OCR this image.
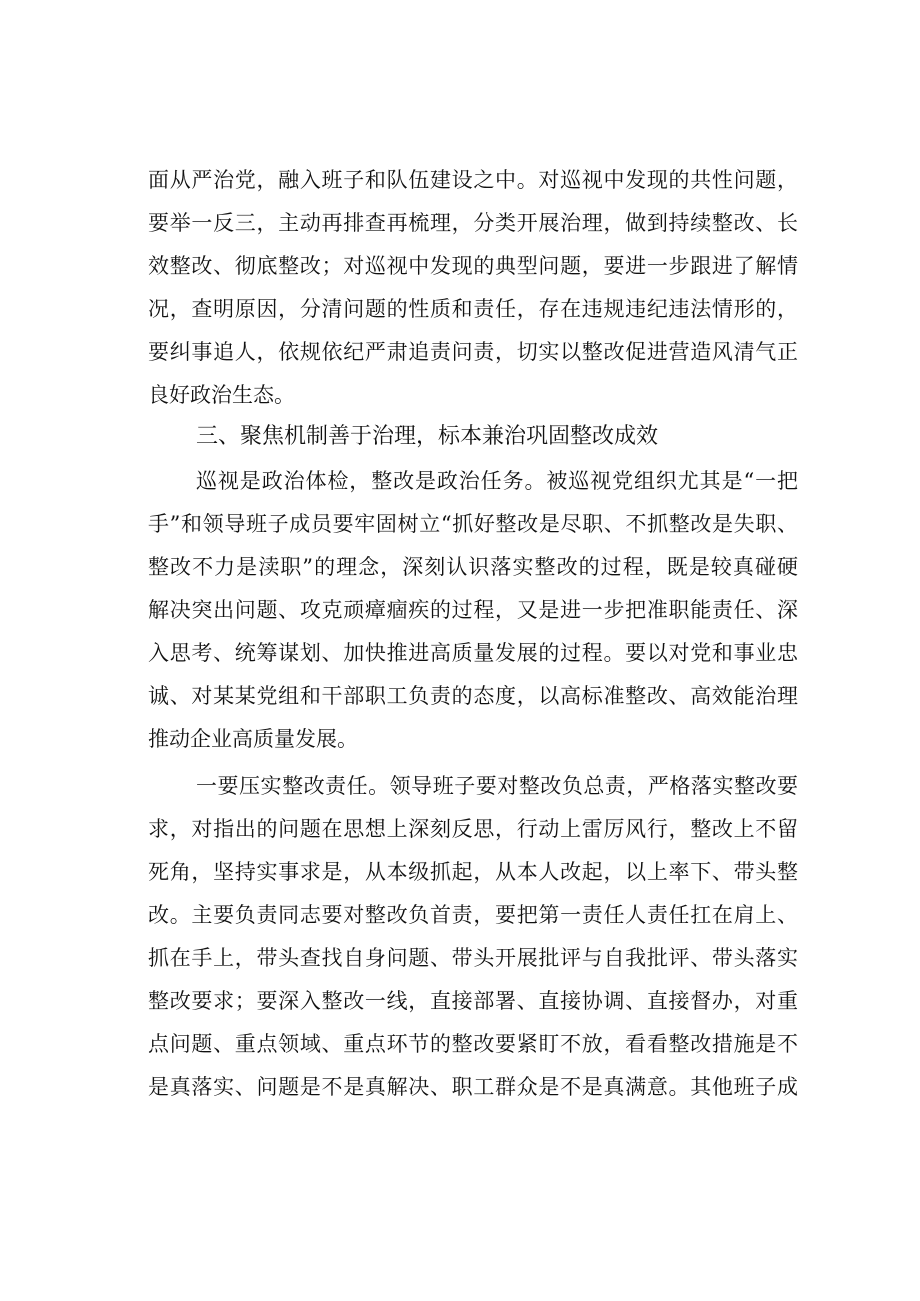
面从严治党，融入班子和队伍建设之中。对巡视中发现的共性问题，
要举一反三，主动再排查再梳理，分类开展治理，做到持续整改、长
效整改、彻底整改；对巡视中发现的典型问题，要进一步跟进了解情
况，查明原因，分清问题的性质和责任，存在违规违纪违法情形的，
要纠事追人，依规依纪严肃追责问责，切实以整改促进营造风清气正
良好政治生态。
三、聚焦机制善于治理，标本兼治巩固整改成效
巡视是政治体检，整改是政治任务。被巡视党组织尤其是“一把
手”和领导班子成员要牢固树立“抓好整改是尽职、不抓整改是失职、
整改不力是渎职”的理念，深刻认识落实整改的过程，既是较真碰硬
解决突出问题、攻克顽瘴痼疾的过程，又是进一步把准职能责任、深
入思考、统筹谋划、加快推进高质量发展的过程。要以对党和事业忠
诚、对某某党组和干部职工负责的态度，以高标准整改、高效能治理
推动企业高质量发展。
一要压实整改责任。领导班子要对整改负总责，严格落实整改要
求，对指出的问题在思想上深刻反思，行动上雷厉风行，整改上不留
死角，坚持实事求是，从本级抓起，从本人改起，以上率下、带头整
改。主要负责同志要对整改负首责，要把第一责任人责任扛在肩上、
抓在手上，带头查找自身问题、带头开展批评与自我批评、带头落实
整改要求；要深入整改一线，直接部署、直接协调、直接督办，对重
点问题、重点领域、重点环节的整改要紧盯不放，看看整改措施是不
是真落实、问题是不是真解决、职工群众是不是真满意。其他班子成
